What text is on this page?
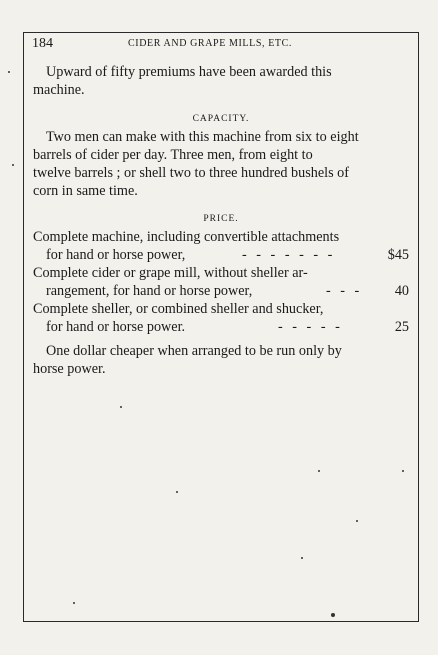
184	CIDER AND GRAPE MILLS, ETC.
Upward of fifty premiums have been awarded this
machine.
CAPACITY.
Two men can make with this machine from six to eight
barrels of cider per day. Three men, from eight to
twelve barrels ; or shell two to three hundred bushels of
corn in same time.
PRICE.
Complete machine, including convertible attachments
for hand or horse power,	- - - - - - -	$45
Complete cider or grape mill, without sheller ar-
rangement, for hand or horse power,	- - - 40
Complete sheller, or combined sheller and shucker,
for hand or horse power.	- - - - -	25
One dollar cheaper when arranged to be run only by
horse power.
